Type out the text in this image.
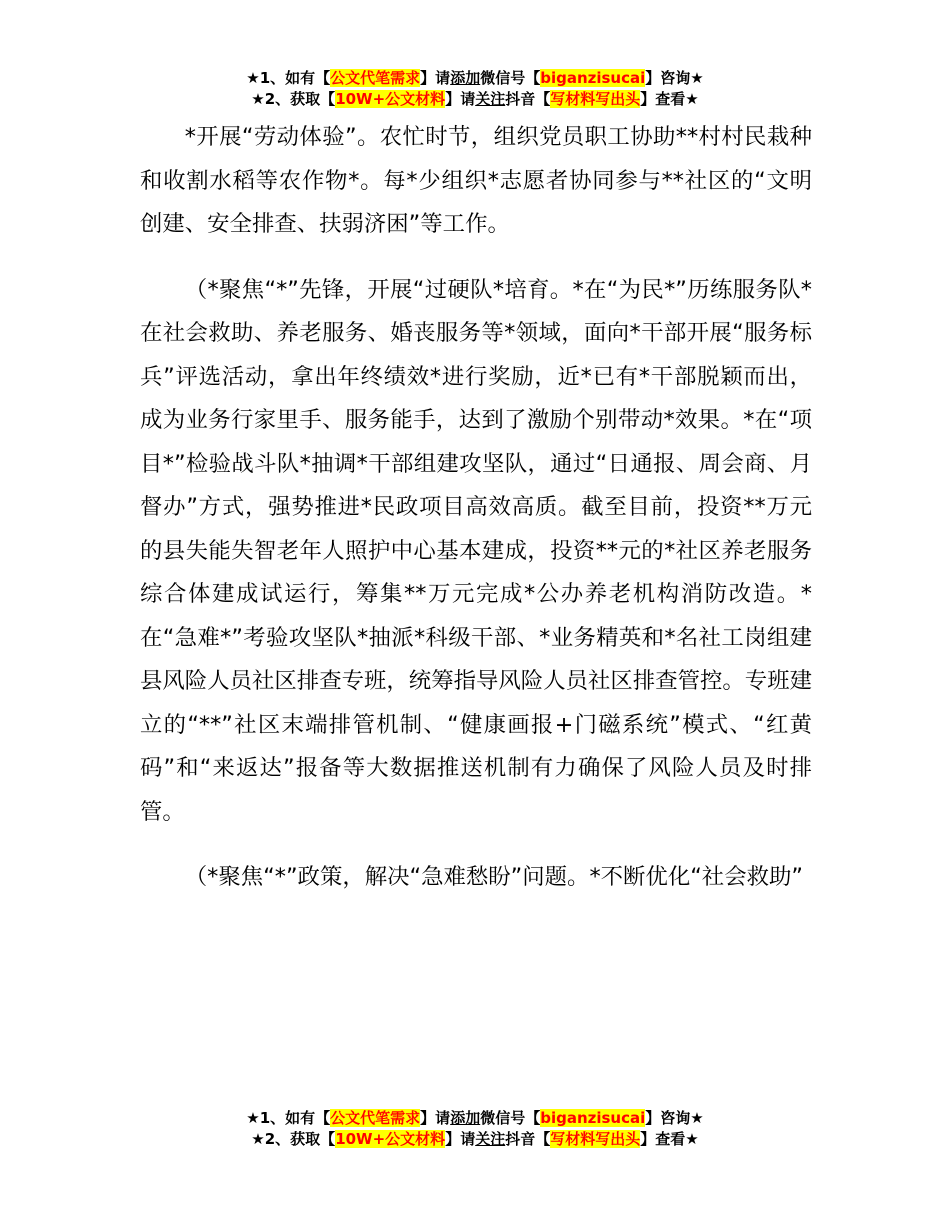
★1、如有【公文代笔需求】请添加微信号【biganzisucai】咨询★
★2、获取【10W+公文材料】请关注抖音【写材料写出头】查看★

*开展“劳动体验”。农忙时节，组织党员职工协助**村村民栽种和收割水稻等农作物*。每*少组织*志愿者协同参与**社区的“文明创建、安全排查、扶弱济困”等工作。

（*聚焦“*”先锋，开展“过硬队*培育。*在“为民*”历练服务队*在社会救助、养老服务、婚丧服务等*领域，面向*干部开展“服务标兵”评选活动，拿出年终绩效*进行奖励，近*已有*干部脱颖而出，成为业务行家里手、服务能手，达到了激励个别带动*效果。*在“项目*”检验战斗队*抽调*干部组建攻坚队，通过“日通报、周会商、月督办”方式，强势推进*民政项目高效高质。截至目前，投资**万元的县失能失智老年人照护中心基本建成，投资**元的*社区养老服务综合体建成试运行，筹集**万元完成*公办养老机构消防改造。*在“急难*”考验攻坚队*抽派*科级干部、*业务精英和*名社工岗组建县风险人员社区排查专班，统筹指导风险人员社区排查管控。专班建立的“**”社区末端排管机制、“健康画报+门磁系统”模式、“红黄码”和“来返达”报备等大数据推送机制有力确保了风险人员及时排管。

（*聚焦“*”政策，解决“急难愁盼”问题。*不断优化“社会救助”

★1、如有【公文代笔需求】请添加微信号【biganzisucai】咨询★
★2、获取【10W+公文材料】请关注抖音【写材料写出头】查看★
